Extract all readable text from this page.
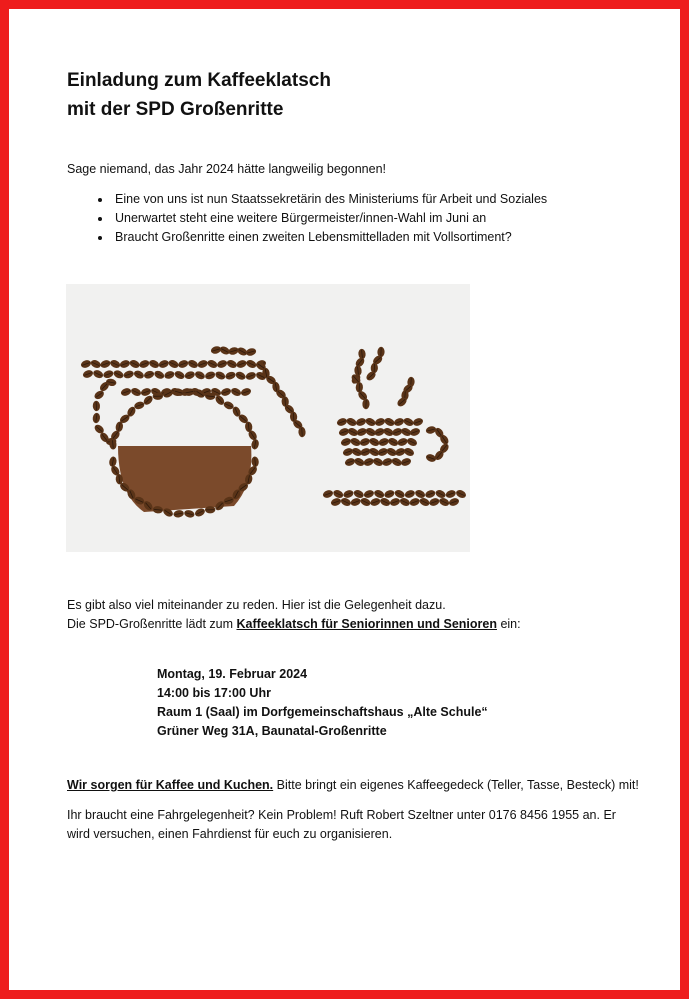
Einladung zum Kaffeeklatsch
mit der SPD Großenritte

Sage niemand, das Jahr 2024 hätte langweilig begonnen!

• Eine von uns ist nun Staatssekretärin des Ministeriums für Arbeit und Soziales
• Unerwartet steht eine weitere Bürgermeister/innen-Wahl im Juni an
• Braucht Großenritte einen zweiten Lebensmittelladen mit Vollsortiment?

Es gibt also viel miteinander zu reden. Hier ist die Gelegenheit dazu.
Die SPD-Großenritte lädt zum Kaffeeklatsch für Seniorinnen und Senioren ein:

Montag, 19. Februar 2024
14:00 bis 17:00 Uhr
Raum 1 (Saal) im Dorfgemeinschaftshaus „Alte Schule“
Grüner Weg 31A, Baunatal-Großenritte

Wir sorgen für Kaffee und Kuchen. Bitte bringt ein eigenes Kaffeegedeck (Teller, Tasse, Besteck) mit!

Ihr braucht eine Fahrgelegenheit? Kein Problem! Ruft Robert Szeltner unter 0176 8456 1955 an. Er wird versuchen, einen Fahrdienst für euch zu organisieren.
